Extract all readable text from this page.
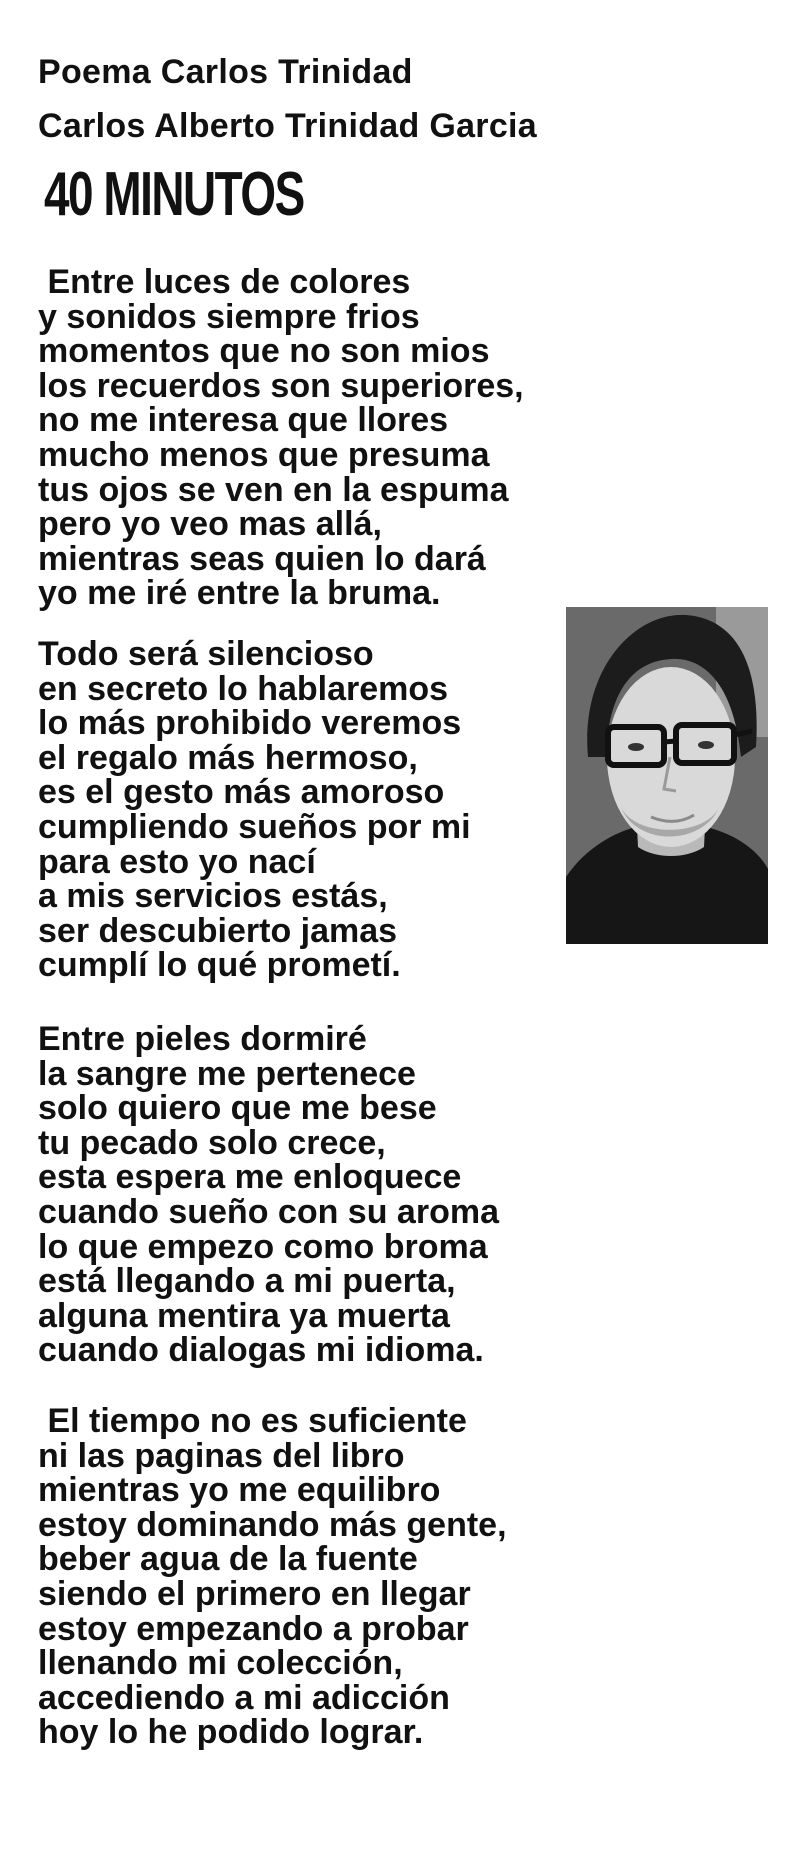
Poema Carlos Trinidad

Carlos Alberto Trinidad Garcia

40 MINUTOS
Entre luces de colores
y sonidos siempre frios
momentos que no son mios
los recuerdos son superiores,
no me interesa que llores
mucho menos que presuma
tus ojos se ven en la espuma
pero yo veo mas allá,
mientras seas quien lo dará
yo me iré entre la bruma.
Todo será silencioso
en secreto lo hablaremos
lo más prohibido veremos
el regalo más hermoso,
es el gesto más amoroso
cumpliendo sueños por mi
para esto yo nací
a mis servicios estás,
ser descubierto jamas
cumplí lo qué prometí.
Entre pieles dormiré
la sangre me pertenece
solo quiero que me bese
tu pecado solo crece,
esta espera me enloquece
cuando sueño con su aroma
lo que empezo como broma
está llegando a mi puerta,
alguna mentira ya muerta
cuando dialogas mi idioma.
El tiempo no es suficiente
ni las paginas del libro
mientras yo me equilibro
estoy dominando más gente,
beber agua de la fuente
siendo el primero en llegar
estoy empezando a probar
llenando mi colección,
accediendo a mi adicción
hoy lo he podido lograr.
